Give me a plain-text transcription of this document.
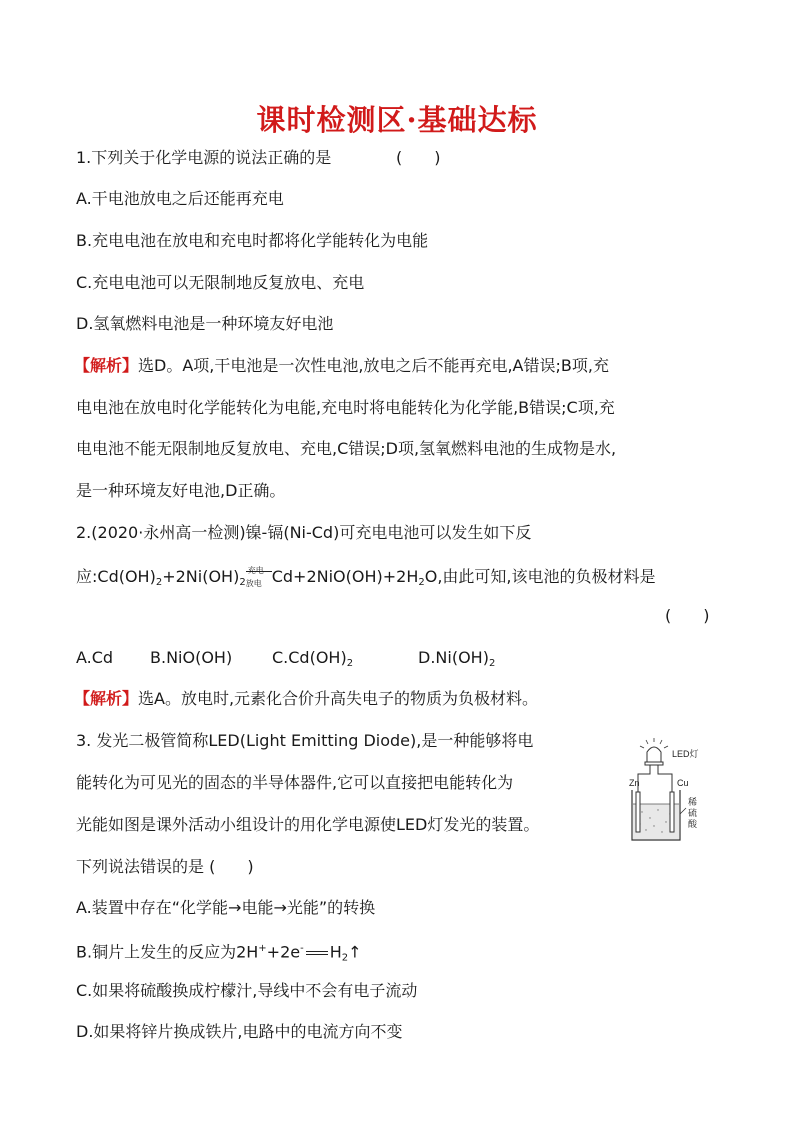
课时检测区·基础达标
1.下列关于化学电源的说法正确的是	(　　)
A.干电池放电之后还能再充电
B.充电电池在放电和充电时都将化学能转化为电能
C.充电电池可以无限制地反复放电、充电
D.氢氧燃料电池是一种环境友好电池
【解析】选D。A项,干电池是一次性电池,放电之后不能再充电,A错误;B项,充
电电池在放电时化学能转化为电能,充电时将电能转化为化学能,B错误;C项,充
电电池不能无限制地反复放电、充电,C错误;D项,氢氧燃料电池的生成物是水,
是一种环境友好电池,D正确。
2.(2020·永州高一检测)镍-镉(Ni-Cd)可充电电池可以发生如下反
应$:Cd(OH)_2+2Ni(OH)_2$
充电
放电 $Cd+2NiO(OH)+2H_2O$,由此可知,该电池的负极材料是
(　　)
A.Cd B.NiO(OH) $C.Cd(OH)_2$	$D.Ni(OH)_2$
【解析】选A。放电时,元素化合价升高失电子的物质为负极材料。
3. 发光二极管简称LED(Light Emitting Diode),是一种能够将电
能转化为可见光的固态的半导体器件,它可以直接把电能转化为
光能如图是课外活动小组设计的用化学电源使LED灯发光的装置。
下列说法错误的是 (　　)
LED灯
Zn	Cu
稀
硫
酸
A.装置中存在“化学能→电能→光能”的转换
B.铜片上发生的反应为2H++2e- $H_2↑$
C.如果将硫酸换成柠檬汁,导线中不会有电子流动
D.如果将锌片换成铁片,电路中的电流方向不变
